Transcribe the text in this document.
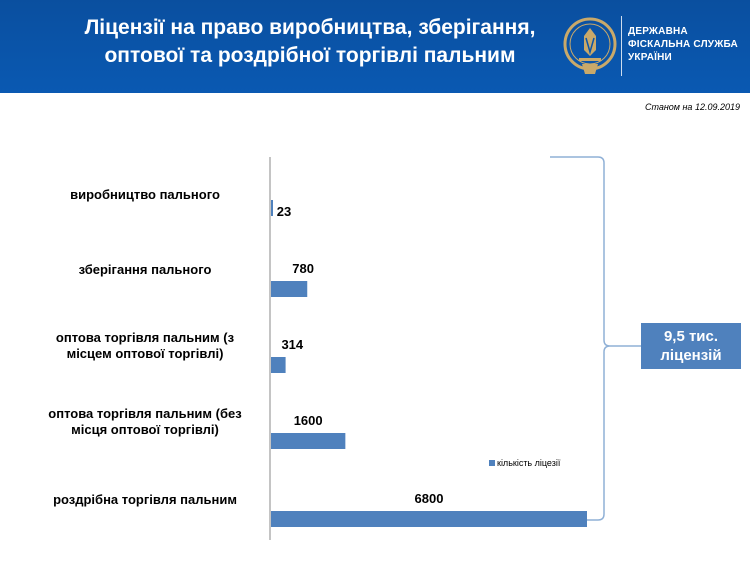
Ліцензії на право виробництва, зберігання,
оптової та роздрібної торгівлі пальним
ДЕРЖАВНА
ФІСКАЛЬНА СЛУЖБА
УКРАЇНИ
Станом на 12.09.2019
23
виробництво пального
780
зберігання пального
314
оптова торгівля пальним (з місцем оптової торгівлі)
1600
оптова торгівля пальним (без місця оптової торгівлі)
6800
роздрібна торгівля пальним
кількість ліцезії
9,5 тис.
ліцензій
